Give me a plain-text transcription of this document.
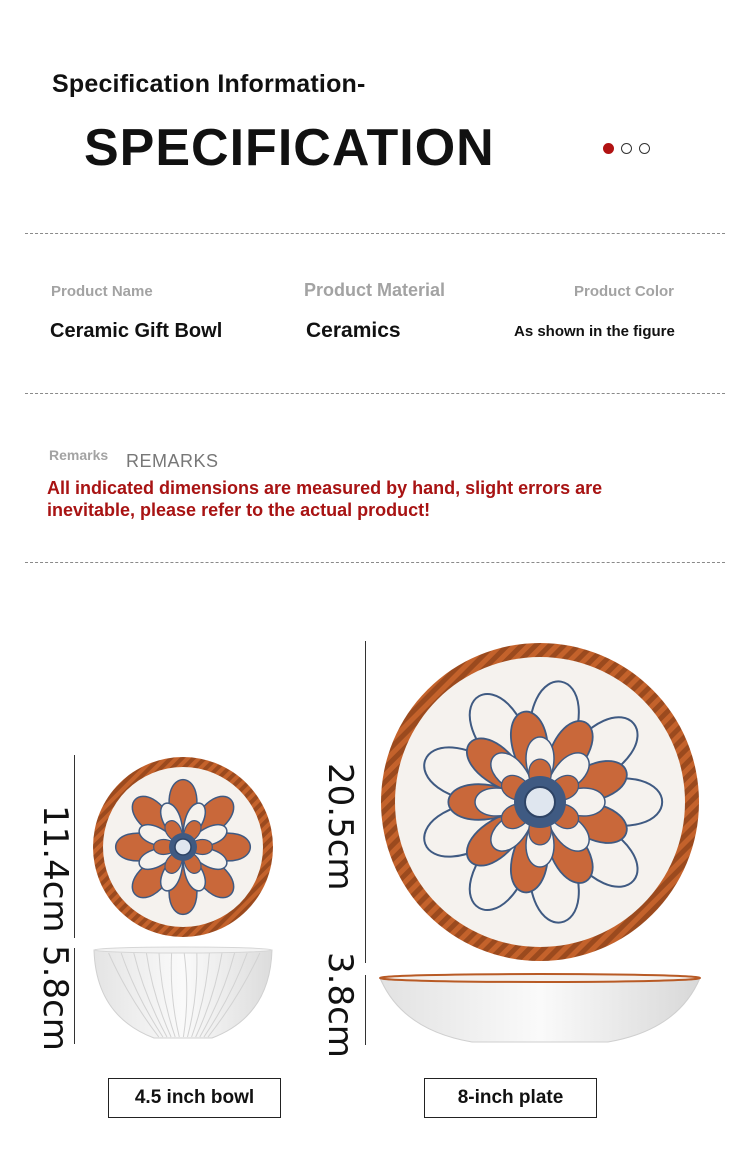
Specification Information-
SPECIFICATION
Product Name
Ceramic Gift Bowl
Product Material
Ceramics
Product Color
As shown in the figure
Remarks REMARKS
All indicated dimensions are measured by hand, slight errors are inevitable, please refer to the actual product!
11.4cm
5.8cm
20.5cm
3.8cm
4.5 inch bowl	8-inch plate
